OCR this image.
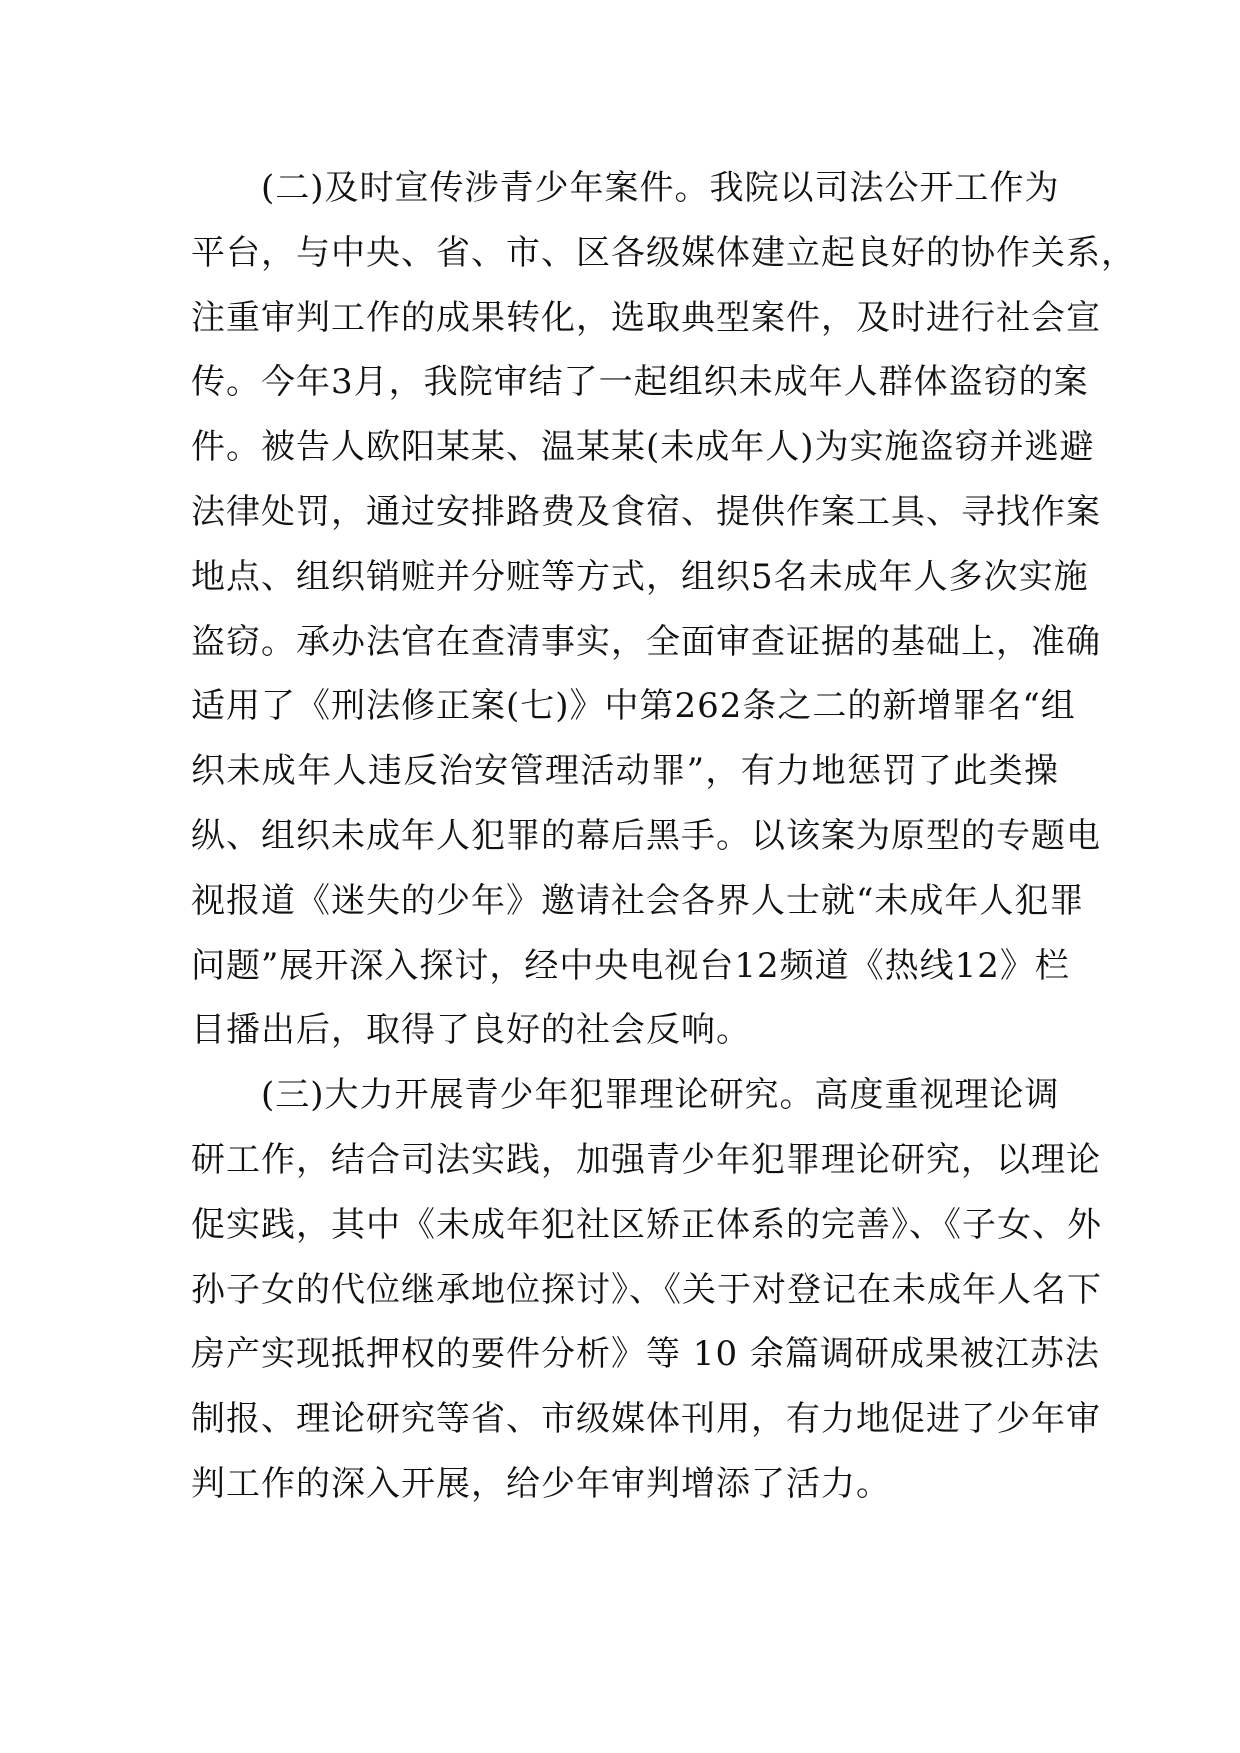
　　(二)及时宣传涉青少年案件。我院以司法公开工作为
平台，与中央、省、市、区各级媒体建立起良好的协作关系，
注重审判工作的成果转化，选取典型案件，及时进行社会宣
传。今年3月，我院审结了一起组织未成年人群体盗窃的案
件。被告人欧阳某某、温某某(未成年人)为实施盗窃并逃避
法律处罚，通过安排路费及食宿、提供作案工具、寻找作案
地点、组织销赃并分赃等方式，组织5名未成年人多次实施
盗窃。承办法官在查清事实，全面审查证据的基础上，准确
适用了《刑法修正案(七)》中第262条之二的新增罪名“组
织未成年人违反治安管理活动罪”，有力地惩罚了此类操
纵、组织未成年人犯罪的幕后黑手。以该案为原型的专题电
视报道《迷失的少年》邀请社会各界人士就“未成年人犯罪
问题”展开深入探讨，经中央电视台12频道《热线12》栏
目播出后，取得了良好的社会反响。
　　(三)大力开展青少年犯罪理论研究。高度重视理论调
研工作，结合司法实践，加强青少年犯罪理论研究，以理论
促实践，其中《未成年犯社区矫正体系的完善》、《子女、外
孙子女的代位继承地位探讨》、《关于对登记在未成年人名下
房产实现抵押权的要件分析》等 10 余篇调研成果被江苏法
制报、理论研究等省、市级媒体刊用，有力地促进了少年审
判工作的深入开展，给少年审判增添了活力。
